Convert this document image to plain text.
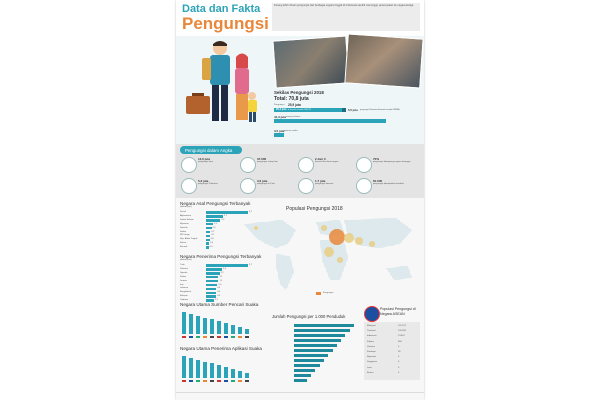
Data dan Fakta
Pengungsi
Kurang lebih ribuan pengungsi dari berbagai negara tinggal di Indonesia sambil menunggu penempatan ke negara ketiga.
Sekilas Pengungsi 2018
Total: 70,8 juta
Pengungsi 25,9 juta
20,4 juta di bawah mandat UNHCR	5,5 juta pengungsi Palestina di bawah mandat UNRWA
41,3 juta orang terlantar
3,5 juta pencari suaka
Pengungsi dalam Angka
13,6 juta
pengungsi baru
37.000
pengungsi setiap hari
2 dari 3
berasal dari lima negara
70%
pengungsi ditampung negara tetangga
5,3 juta
pengungsi Palestina
3,6 juta
pengungsi di Turki
1,7 juta
pengungsi dewasa
81.000
pengungsi ditempatkan kembali
Negara Asal Pengungsi Terbanyak
(dalam juta)
Negara Penerima Pengungsi Terbanyak
(dalam juta)
Populasi Pengungsi 2018
Pengungsi
Negara Utama Sumber Pencari Suaka
Negara Utama Penerima Aplikasi Suaka
Jumlah Pengungsi per 1.000 Penduduk
Populasi Pengungsi di
Negara ASEAN
Suriah	6,7
Afghanistan	2,7
Sudan Selatan	2,3
Myanmar	1,1
Somalia	0,9
Sudan	0,7
RD Kongo	0,7
Rep. Afrika Tengah	0,6
Eritrea	0,5
Burundi	0,4
Turki	3,7
Pakistan	1,4
Uganda	1,2
Sudan	1,1
Jerman	1,1
Iran	1,0
Lebanon	0,9
Bangladesh	0,9
Ethiopia	0,9
Yordania	0,7
Malaysia	121.147
Thailand	103.992
Indonesia	13.801
Filipina	684
Vietnam	0
Kamboja	58
Myanmar	0
Singapura	0
Laos	0
Brunei	0
